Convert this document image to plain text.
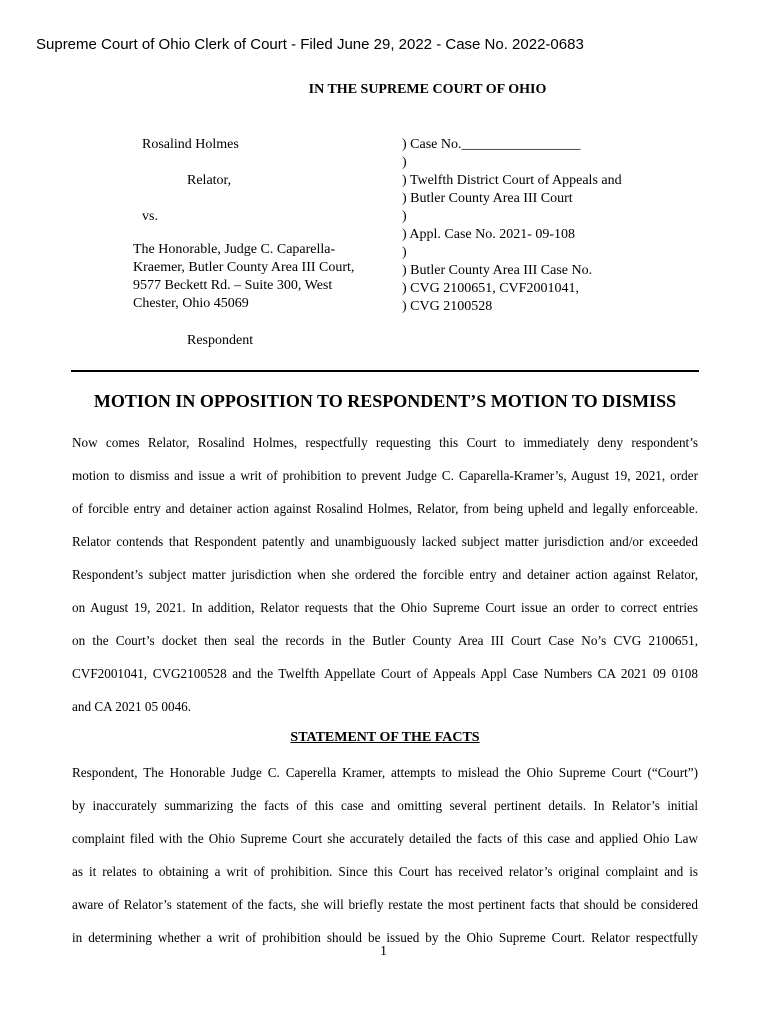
Supreme Court of Ohio Clerk of Court - Filed June 29, 2022 - Case No. 2022-0683
IN THE SUPREME COURT OF OHIO
Rosalind Holmes
Relator,
vs.
The Honorable, Judge C. Caparella-
Kraemer, Butler County Area III Court,
9577 Beckett Rd. – Suite 300, West
Chester, Ohio 45069
Respondent
) Case No._________________
)
) Twelfth District Court of Appeals and
) Butler County Area III Court
)
) Appl. Case No. 2021- 09-108
)
) Butler County Area III Case No.
) CVG 2100651, CVF2001041,
) CVG 2100528
MOTION IN OPPOSITION TO RESPONDENT’S MOTION TO DISMISS
Now comes Relator, Rosalind Holmes, respectfully requesting this Court to immediately deny respondent’s
motion to dismiss and issue a writ of prohibition to prevent Judge C. Caparella-Kramer’s, August 19, 2021, order
of forcible entry and detainer action against Rosalind Holmes, Relator, from being upheld and legally enforceable.
Relator contends that Respondent patently and unambiguously lacked subject matter jurisdiction and/or exceeded
Respondent’s subject matter jurisdiction when she ordered the forcible entry and detainer action against Relator,
on August 19, 2021. In addition, Relator requests that the Ohio Supreme Court issue an order to correct entries
on the Court’s docket then seal the records in the Butler County Area III Court Case No’s CVG 2100651,
CVF2001041, CVG2100528 and the Twelfth Appellate Court of Appeals Appl Case Numbers CA 2021 09 0108
and CA 2021 05 0046.
STATEMENT OF THE FACTS
Respondent, The Honorable Judge C. Caperella Kramer, attempts to mislead the Ohio Supreme Court (“Court”)
by inaccurately summarizing the facts of this case and omitting several pertinent details. In Relator’s initial
complaint filed with the Ohio Supreme Court she accurately detailed the facts of this case and applied Ohio Law
as it relates to obtaining a writ of prohibition. Since this Court has received relator’s original complaint and is
aware of Relator’s statement of the facts, she will briefly restate the most pertinent facts that should be considered
in determining whether a writ of prohibition should be issued by the Ohio Supreme Court. Relator respectfully
1
